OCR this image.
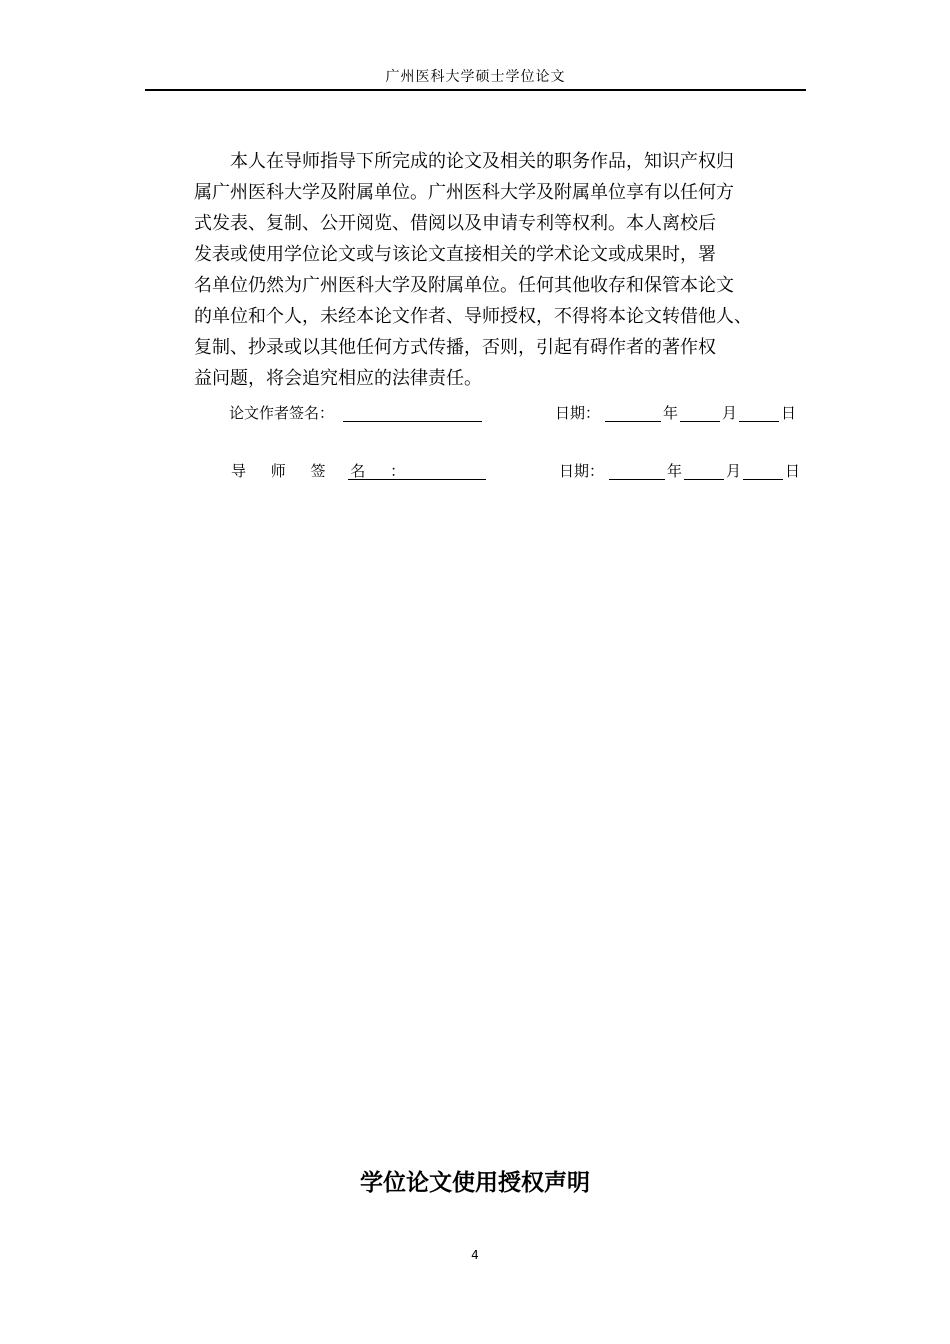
广州医科大学硕士学位论文

　　本人在导师指导下所完成的论文及相关的职务作品，知识产权归
属广州医科大学及附属单位。广州医科大学及附属单位享有以任何方
式发表、复制、公开阅览、借阅以及申请专利等权利。本人离校后
发表或使用学位论文或与该论文直接相关的学术论文或成果时，署
名单位仍然为广州医科大学及附属单位。任何其他收存和保管本论文
的单位和个人，未经本论文作者、导师授权，不得将本论文转借他人、
复制、抄录或以其他任何方式传播，否则，引起有碍作者的著作权
益问题，将会追究相应的法律责任。

论文作者签名：	日期：	年	月	日
导 师 签 名 ：	日期：	年	月	日
学位论文使用授权声明
4
